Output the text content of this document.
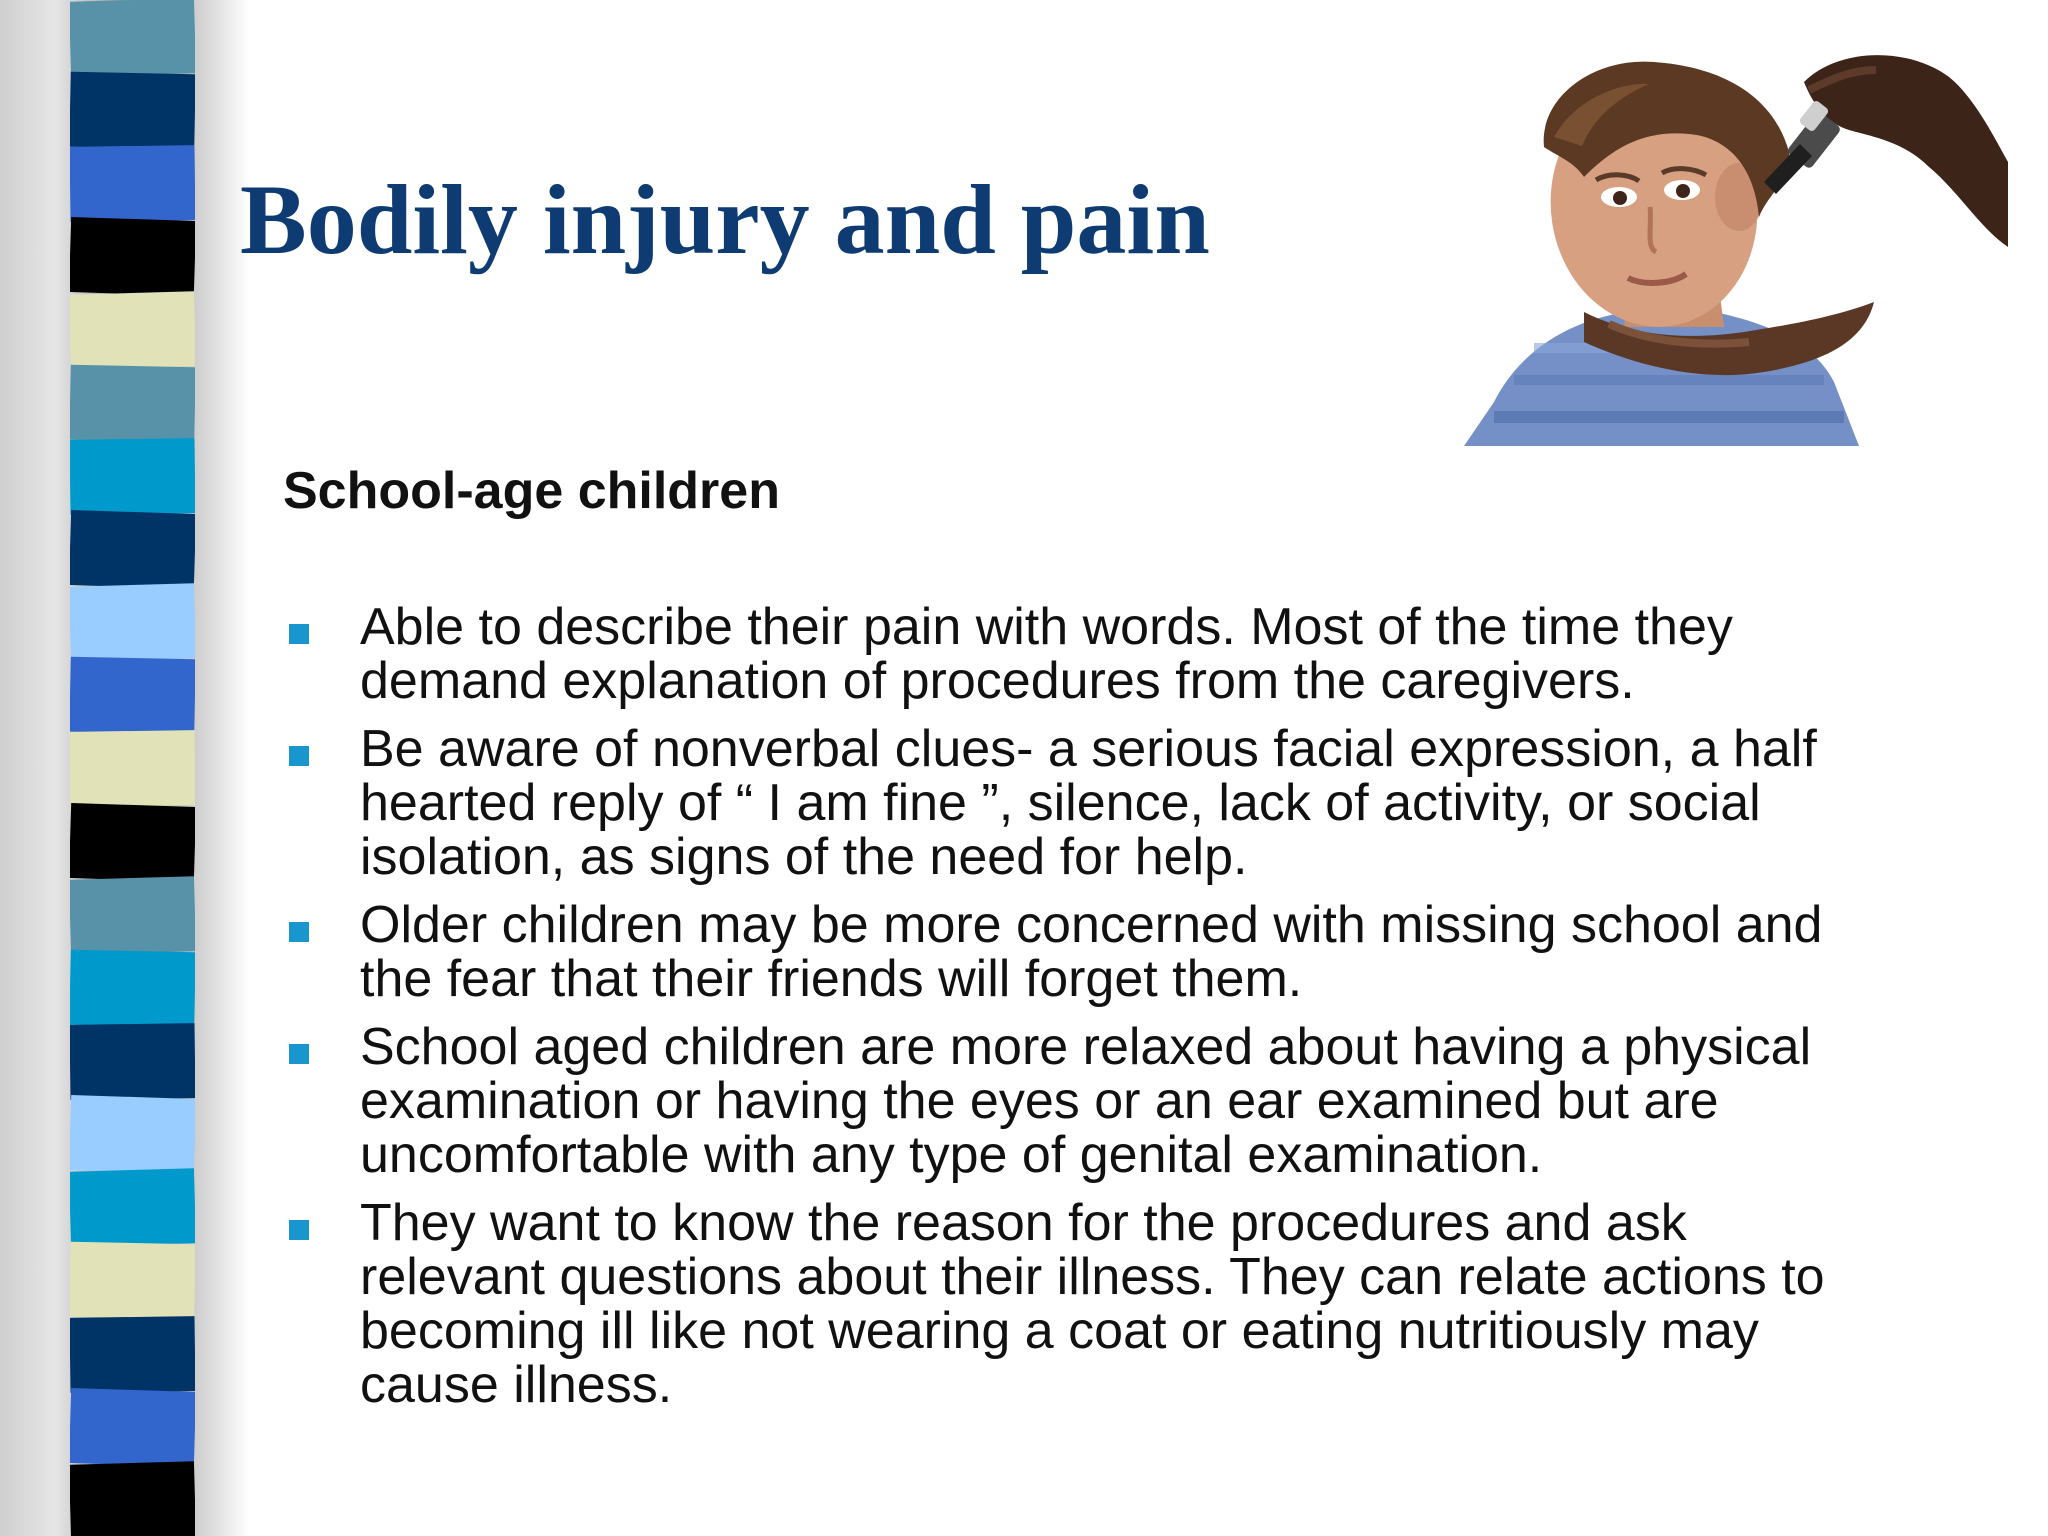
Bodily injury and pain
School-age children
Able to describe their pain with words. Most of the time they
demand explanation of procedures from the caregivers.
Be aware of nonverbal clues- a serious facial expression, a half
hearted reply of “ I am fine ”, silence, lack of activity, or social
isolation, as signs of the need for help.
Older children may be more concerned with missing school and
the fear that their friends will forget them.
School aged children are more relaxed about having a physical
examination or having the eyes or an ear examined but are
uncomfortable with any type of genital examination.
They want to know the reason for the procedures and ask
relevant questions about their illness. They can relate actions to
becoming ill like not wearing a coat or eating nutritiously may
cause illness.
